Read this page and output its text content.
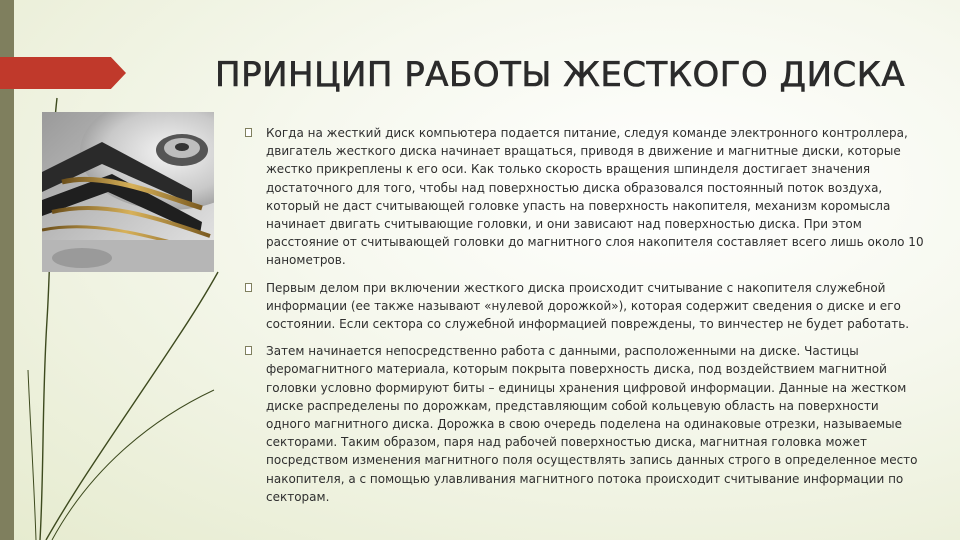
ПРИНЦИП РАБОТЫ ЖЕСТКОГО ДИСКА
Когда на жесткий диск компьютера подается питание, следуя команде электронного контроллера, двигатель жесткого диска начинает вращаться, приводя в движение и магнитные диски, которые жестко прикреплены к его оси. Как только скорость вращения шпинделя достигает значения достаточного для того, чтобы над поверхностью диска образовался постоянный поток воздуха, который не даст считывающей головке упасть на поверхность накопителя, механизм коромысла начинает двигать считывающие головки, и они зависают над поверхностью диска. При этом расстояние от считывающей головки до магнитного слоя накопителя составляет всего лишь около 10 нанометров.
Первым делом при включении жесткого диска происходит считывание с накопителя служебной информации (ее также называют «нулевой дорожкой»), которая содержит сведения о диске и его состоянии. Если сектора со служебной информацией повреждены, то винчестер не будет работать.
Затем начинается непосредственно работа с данными, расположенными на диске. Частицы феромагнитного материала, которым покрыта поверхность диска, под воздействием магнитной головки условно формируют биты – единицы хранения цифровой информации. Данные на жестком диске распределены по дорожкам, представляющим собой кольцевую область на поверхности одного магнитного диска. Дорожка в свою очередь поделена на одинаковые отрезки, называемые секторами. Таким образом, паря над рабочей поверхностью диска, магнитная головка может посредством изменения магнитного поля осуществлять запись данных строго в определенное место накопителя, а с помощью улавливания магнитного потока происходит считывание информации по секторам.
